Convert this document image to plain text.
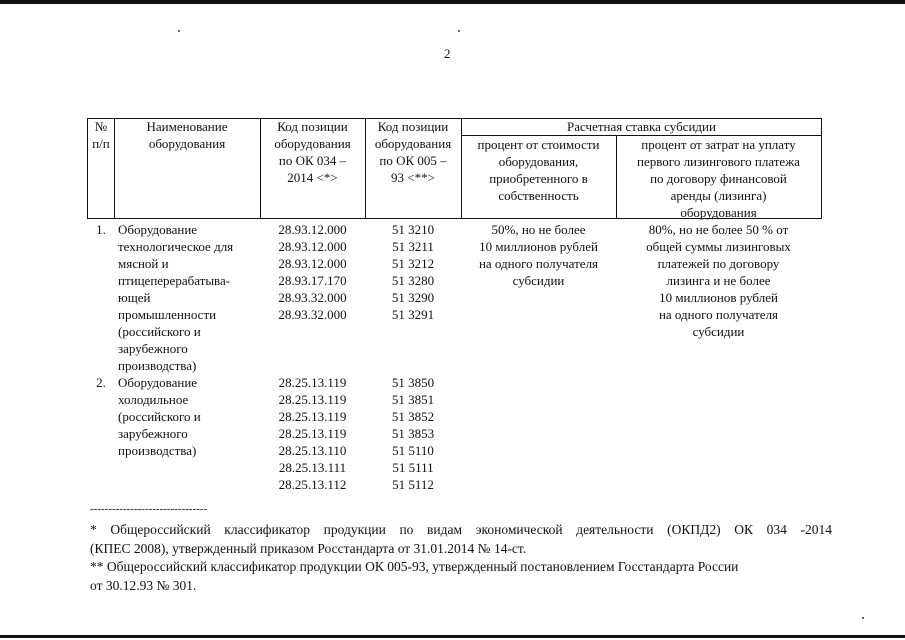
2
№
п/п
Наименование
оборудования
Код позиции
оборудования
по ОК 034 –
2014 <*>
Код позиции
оборудования
по ОК 005 –
93 <**>
Расчетная ставка субсидии
процент от стоимости
оборудования,
приобретенного в
собственность
процент от затрат на уплату
первого лизингового платежа
по договору финансовой
аренды (лизинга)
оборудования
1. Оборудование
технологическое для
мясной и
птицеперерабатыва-
ющей
промышленности
(российского и
зарубежного
производства)
28.93.12.000
28.93.12.000
28.93.12.000
28.93.17.170
28.93.32.000
28.93.32.000
51 3210
51 3211
51 3212
51 3280
51 3290
51 3291
50%, но не более
10 миллионов рублей
на одного получателя
субсидии
80%, но не более 50 % от
общей суммы лизинговых
платежей по договору
лизинга и не более
10 миллионов рублей
на одного получателя
субсидии
2. Оборудование
холодильное
(российского и
зарубежного
производства)
28.25.13.119
28.25.13.119
28.25.13.119
28.25.13.119
28.25.13.110
28.25.13.111
28.25.13.112
51 3850
51 3851
51 3852
51 3853
51 5110
51 5111
51 5112
--------------------------------
* Общероссийский классификатор продукции по видам экономической деятельности (ОКПД2) ОК 034 -2014
(КПЕС 2008), утвержденный приказом Росстандарта от 31.01.2014 № 14-ст.
** Общероссийский классификатор продукции ОК 005-93, утвержденный постановлением Госстандарта России
от 30.12.93 № 301.
